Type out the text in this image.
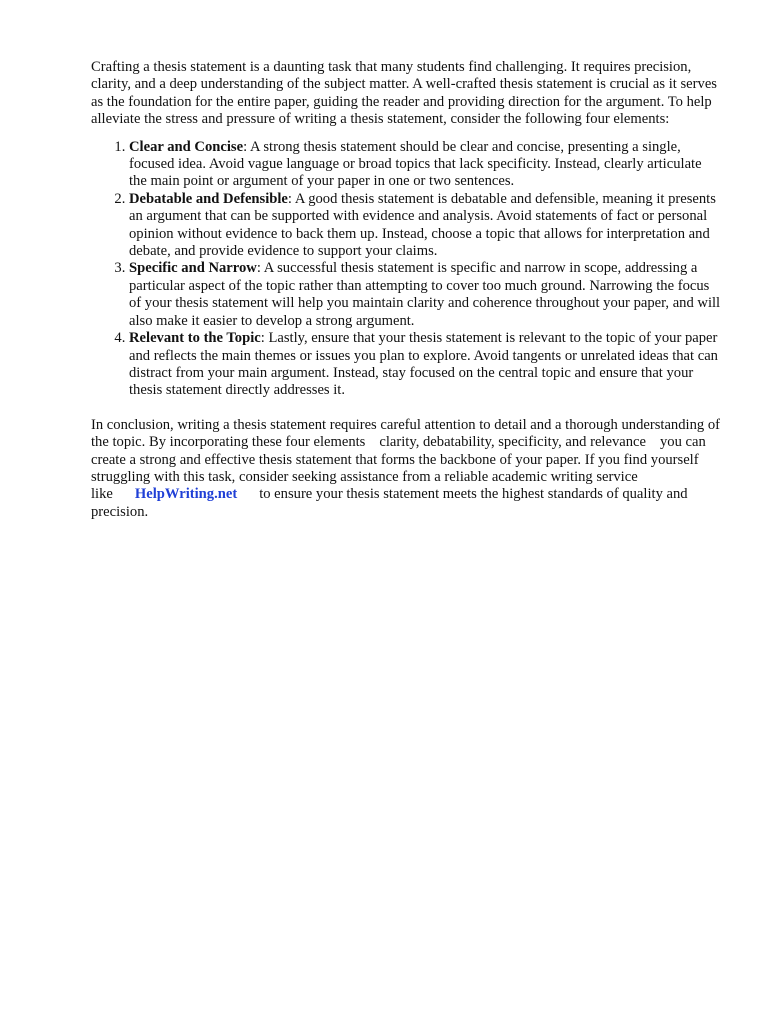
Crafting a thesis statement is a daunting task that many students find challenging. It requires precision, clarity, and a deep understanding of the subject matter. A well-crafted thesis statement is crucial as it serves as the foundation for the entire paper, guiding the reader and providing direction for the argument. To help alleviate the stress and pressure of writing a thesis statement, consider the following four elements:

1. Clear and Concise: A strong thesis statement should be clear and concise, presenting a single, focused idea. Avoid vague language or broad topics that lack specificity. Instead, clearly articulate the main point or argument of your paper in one or two sentences.
2. Debatable and Defensible: A good thesis statement is debatable and defensible, meaning it presents an argument that can be supported with evidence and analysis. Avoid statements of fact or personal opinion without evidence to back them up. Instead, choose a topic that allows for interpretation and debate, and provide evidence to support your claims.
3. Specific and Narrow: A successful thesis statement is specific and narrow in scope, addressing a particular aspect of the topic rather than attempting to cover too much ground. Narrowing the focus of your thesis statement will help you maintain clarity and coherence throughout your paper, and will also make it easier to develop a strong argument.
4. Relevant to the Topic: Lastly, ensure that your thesis statement is relevant to the topic of your paper and reflects the main themes or issues you plan to explore. Avoid tangents or unrelated ideas that can distract from your main argument. Instead, stay focused on the central topic and ensure that your thesis statement directly addresses it.

In conclusion, writing a thesis statement requires careful attention to detail and a thorough understanding of the topic. By incorporating these four elements clarity, debatability, specificity, and relevance you can create a strong and effective thesis statement that forms the backbone of your paper. If you find yourself struggling with this task, consider seeking assistance from a reliable academic writing service like HelpWriting.net to ensure your thesis statement meets the highest standards of quality and precision.
